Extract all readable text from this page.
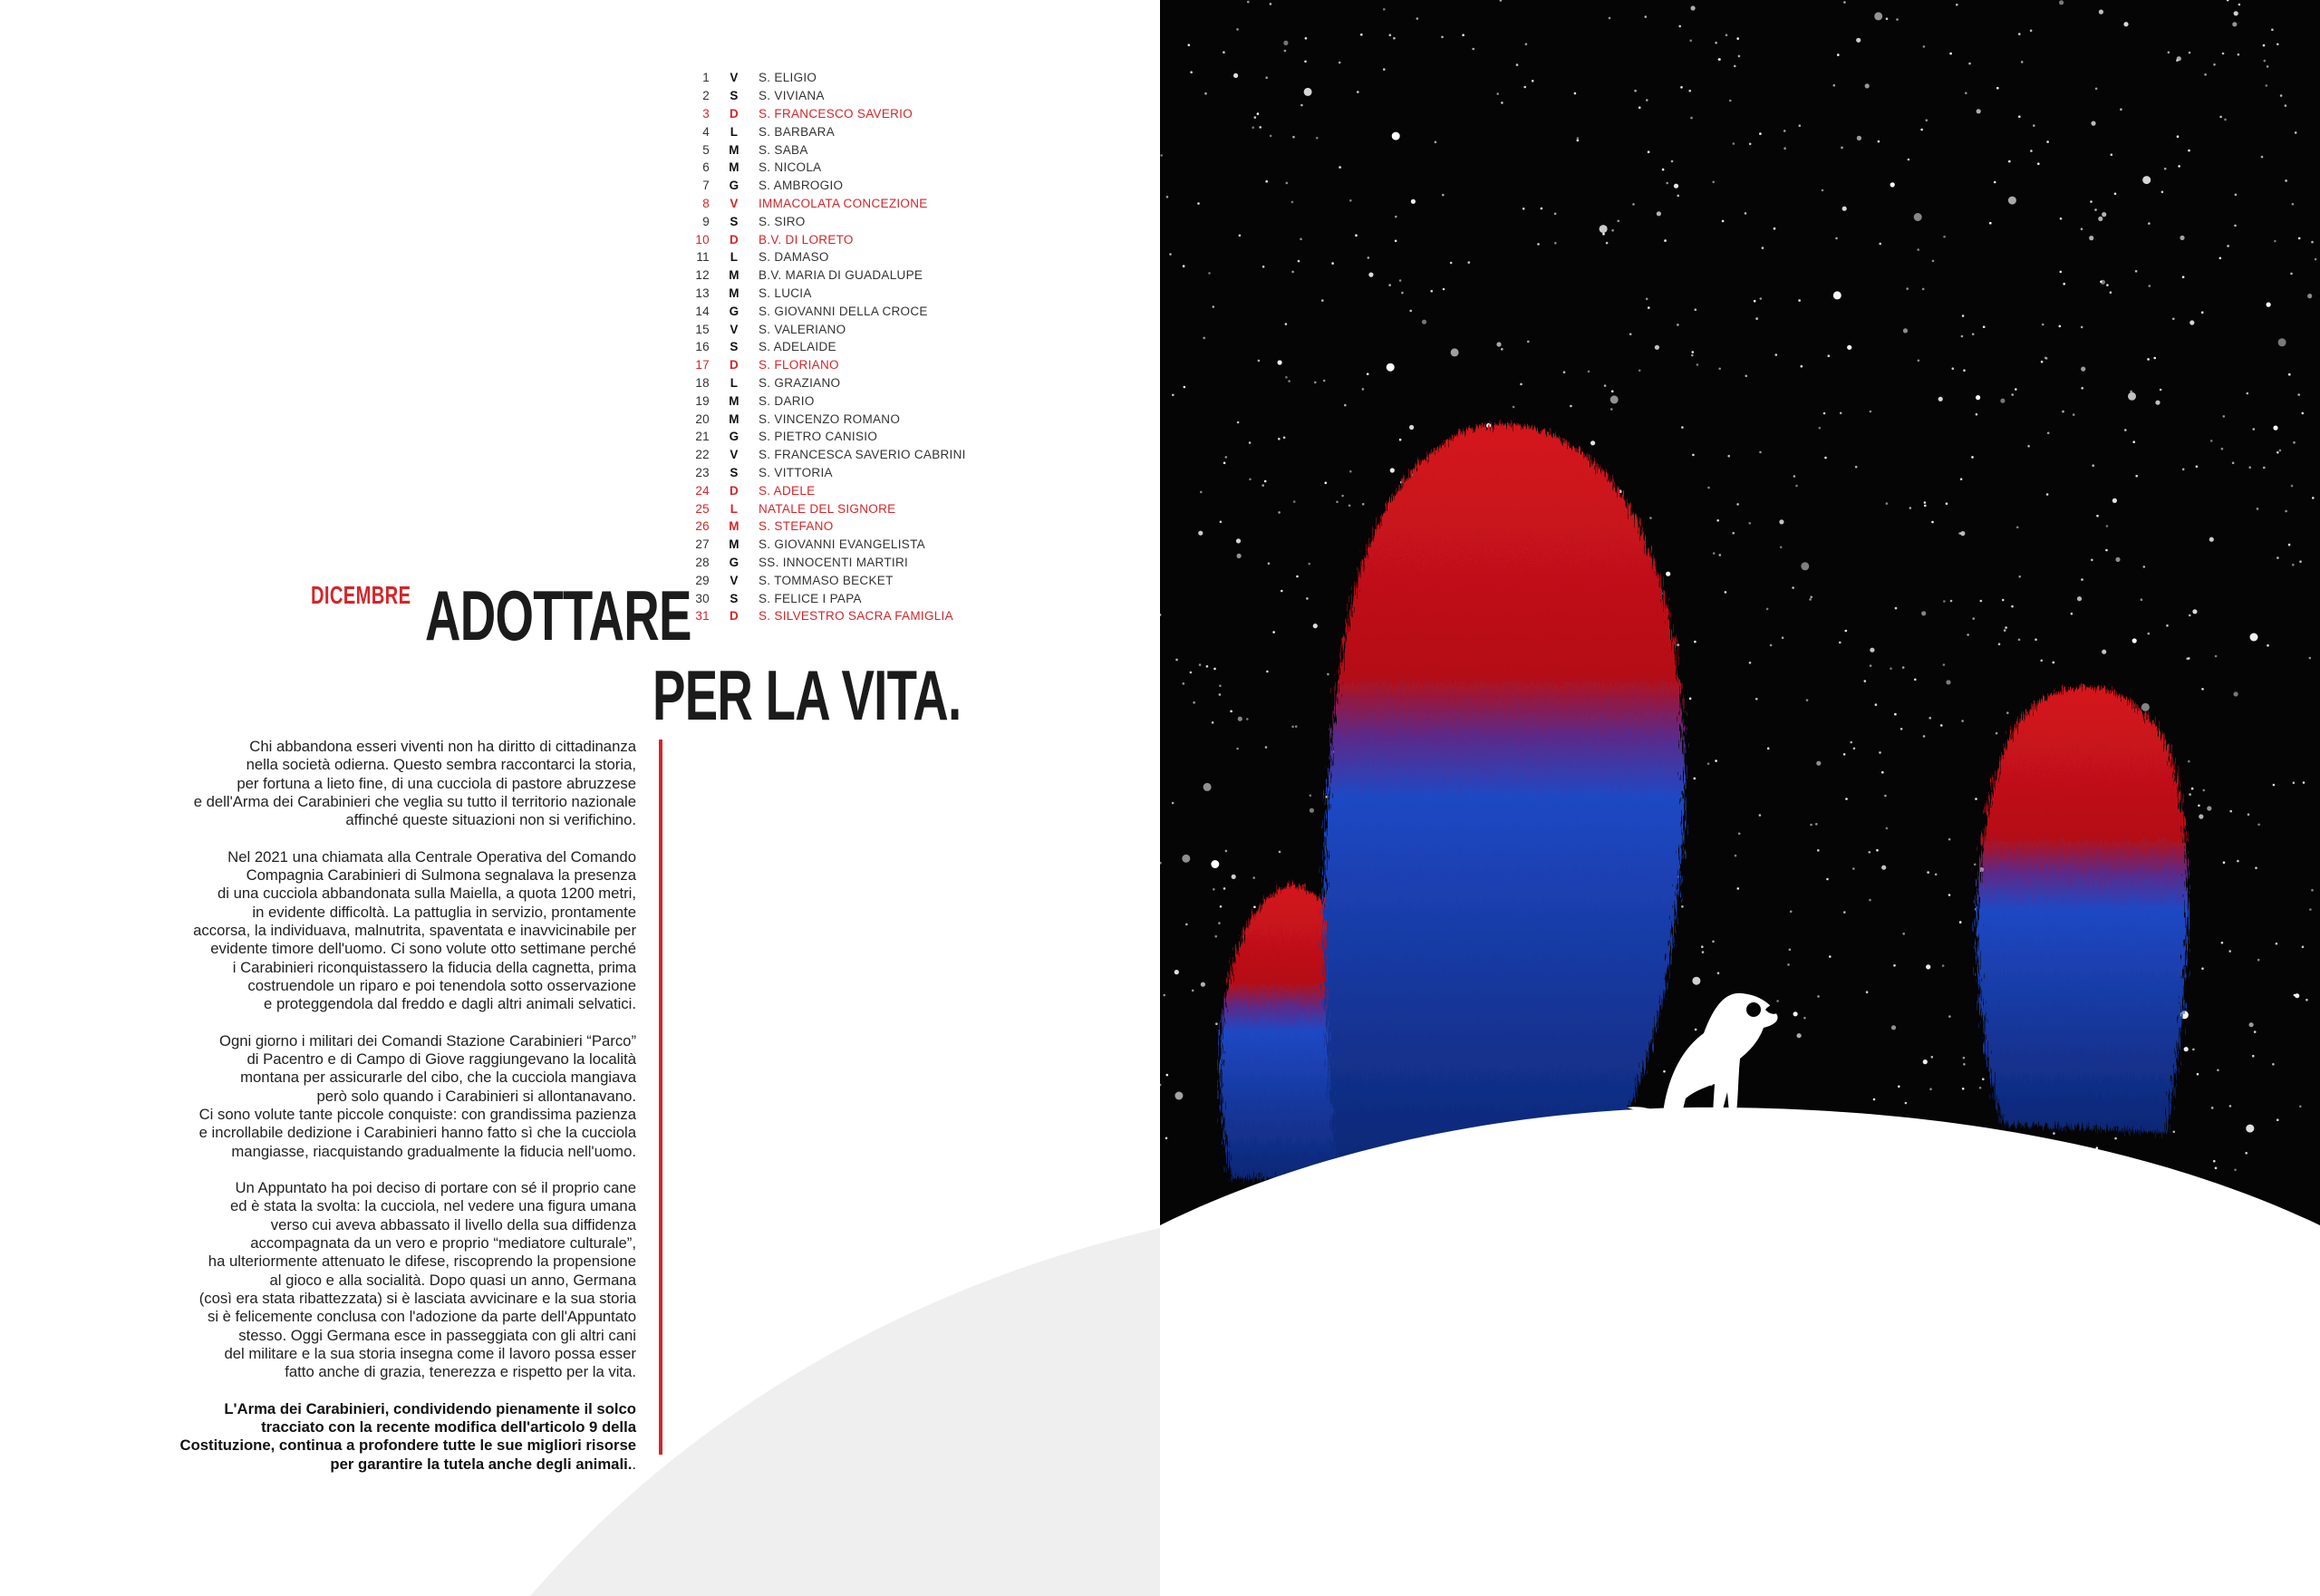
1	V	S. ELIGIO
2	S	S. VIVIANA
3	D	S. FRANCESCO SAVERIO
4	L	S. BARBARA
5	M	S. SABA
6	M	S. NICOLA
7	G	S. AMBROGIO
8	V	IMMACOLATA CONCEZIONE
9	S	S. SIRO
10	D	B.V. DI LORETO
11	L	S. DAMASO
12	M	B.V. MARIA DI GUADALUPE
13	M	S. LUCIA
14	G	S. GIOVANNI DELLA CROCE
15	V	S. VALERIANO
16	S	S. ADELAIDE
17	D	S. FLORIANO
18	L	S. GRAZIANO
19	M	S. DARIO
20	M	S. VINCENZO ROMANO
21	G	S. PIETRO CANISIO
22	V	S. FRANCESCA SAVERIO CABRINI
23	S	S. VITTORIA
24	D	S. ADELE
25	L	NATALE DEL SIGNORE
26	M	S. STEFANO
27	M	S. GIOVANNI EVANGELISTA
28	G	SS. INNOCENTI MARTIRI
29	V	S. TOMMASO BECKET
30	S	S. FELICE I PAPA
31	D	S. SILVESTRO SACRA FAMIGLIA
DICEMBRE ADOTTARE
PER LA VITA.

Chi abbandona esseri viventi non ha diritto di cittadinanza
nella società odierna. Questo sembra raccontarci la storia,
per fortuna a lieto fine, di una cucciola di pastore abruzzese
e dell'Arma dei Carabinieri che veglia su tutto il territorio nazionale
affinché queste situazioni non si verifichino.

Nel 2021 una chiamata alla Centrale Operativa del Comando
Compagnia Carabinieri di Sulmona segnalava la presenza
di una cucciola abbandonata sulla Maiella, a quota 1200 metri,
in evidente difficoltà. La pattuglia in servizio, prontamente
accorsa, la individuava, malnutrita, spaventata e inavvicinabile per
evidente timore dell'uomo. Ci sono volute otto settimane perché
i Carabinieri riconquistassero la fiducia della cagnetta, prima
costruendole un riparo e poi tenendola sotto osservazione
e proteggendola dal freddo e dagli altri animali selvatici.

Ogni giorno i militari dei Comandi Stazione Carabinieri “Parco”
di Pacentro e di Campo di Giove raggiungevano la località
montana per assicurarle del cibo, che la cucciola mangiava
però solo quando i Carabinieri si allontanavano.
Ci sono volute tante piccole conquiste: con grandissima pazienza
e incrollabile dedizione i Carabinieri hanno fatto sì che la cucciola
mangiasse, riacquistando gradualmente la fiducia nell'uomo.

Un Appuntato ha poi deciso di portare con sé il proprio cane
ed è stata la svolta: la cucciola, nel vedere una figura umana
verso cui aveva abbassato il livello della sua diffidenza
accompagnata da un vero e proprio “mediatore culturale”,
ha ulteriormente attenuato le difese, riscoprendo la propensione
al gioco e alla socialità. Dopo quasi un anno, Germana
(così era stata ribattezzata) si è lasciata avvicinare e la sua storia
si è felicemente conclusa con l'adozione da parte dell'Appuntato
stesso. Oggi Germana esce in passeggiata con gli altri cani
del militare e la sua storia insegna come il lavoro possa esser
fatto anche di grazia, tenerezza e rispetto per la vita.

L'Arma dei Carabinieri, condividendo pienamente il solco
tracciato con la recente modifica dell'articolo 9 della
Costituzione, continua a profondere tutte le sue migliori risorse
per garantire la tutela anche degli animali..
